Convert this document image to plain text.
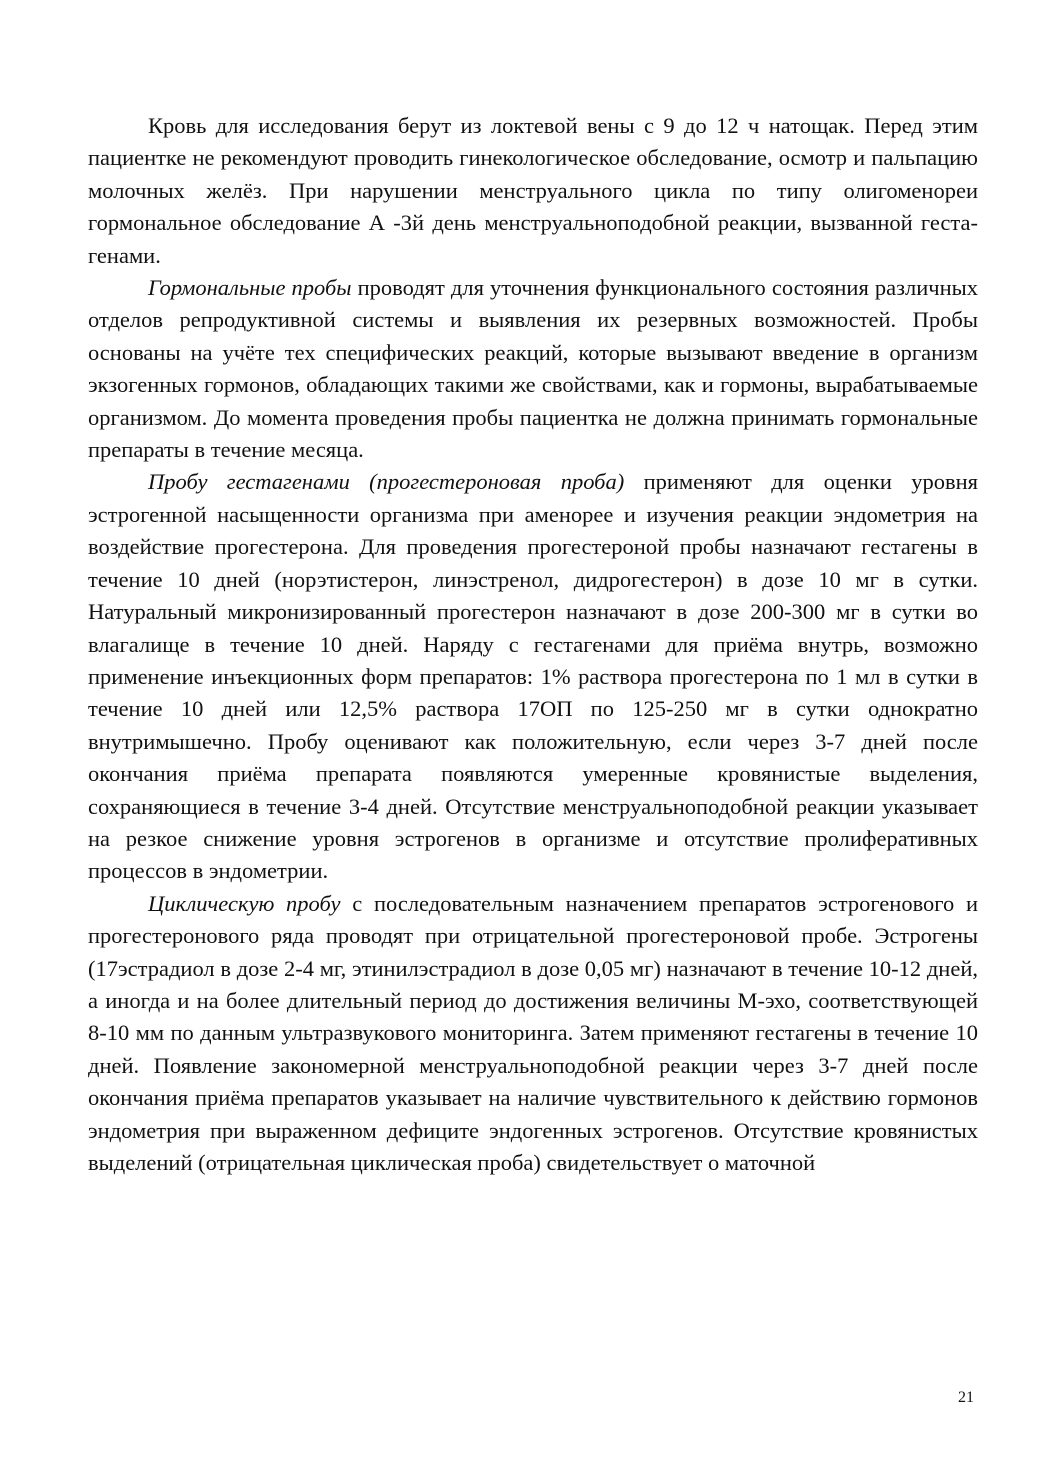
Кровь для исследования берут из локтевой вены с 9 до 12 ч натощак. Перед этим пациентке не рекомендуют проводить гинекологическое обследование, осмотр и пальпацию молочных желёз. При нарушении менструального цикла по типу олигоменореи гормональное обследование А -3й день менструальноподобной реакции, вызванной гестагенами.

Гормональные пробы проводят для уточнения функционального состояния различных отделов репродуктивной системы и выявления их резервных возможностей. Пробы основаны на учёте тех специфических реакций, которые вызывают введение в организм экзогенных гормонов, обладающих такими же свойствами, как и гормоны, вырабатываемые организмом. До момента проведения пробы пациентка не должна принимать гормональные препараты в течение месяца.

Пробу гестагенами (прогестероновая проба) применяют для оценки уровня эстрогенной насыщенности организма при аменорее и изучения реакции эндометрия на воздействие прогестерона. Для проведения прогестероной пробы назначают гестагены в течение 10 дней (норэтистерон, линэстренол, дидрогестерон) в дозе 10 мг в сутки. Натуральный микронизированный прогестерон назначают в дозе 200-300 мг в сутки во влагалище в течение 10 дней. Наряду с гестагенами для приёма внутрь, возможно применение инъекционных форм препаратов: 1% раствора прогестерона по 1 мл в сутки в течение 10 дней или 12,5% раствора 17ОП по 125-250 мг в сутки однократно внутримышечно. Пробу оценивают как положительную, если через 3-7 дней после окончания приёма препарата появляются умеренные кровянистые выделения, сохраняющиеся в течение 3-4 дней. Отсутствие менструальноподобной реакции указывает на резкое снижение уровня эстрогенов в организме и отсутствие пролиферативных процессов в эндометрии.

Циклическую пробу с последовательным назначением препаратов эстрогенового и прогестеронового ряда проводят при отрицательной прогестероновой пробе. Эстрогены (17эстрадиол в дозе 2-4 мг, этинилэстрадиол в дозе 0,05 мг) назначают в течение 10-12 дней, а иногда и на более длительный период до достижения величины М-эхо, соответствующей 8-10 мм по данным ультразвукового мониторинга. Затем применяют гестагены в течение 10 дней. Появление закономерной менструальноподобной реакции через 3-7 дней после окончания приёма препаратов указывает на наличие чувствительного к действию гормонов эндометрия при выраженном дефиците эндогенных эстрогенов. Отсутствие кровянистых выделений (отрицательная циклическая проба) свидетельствует о маточной

21
